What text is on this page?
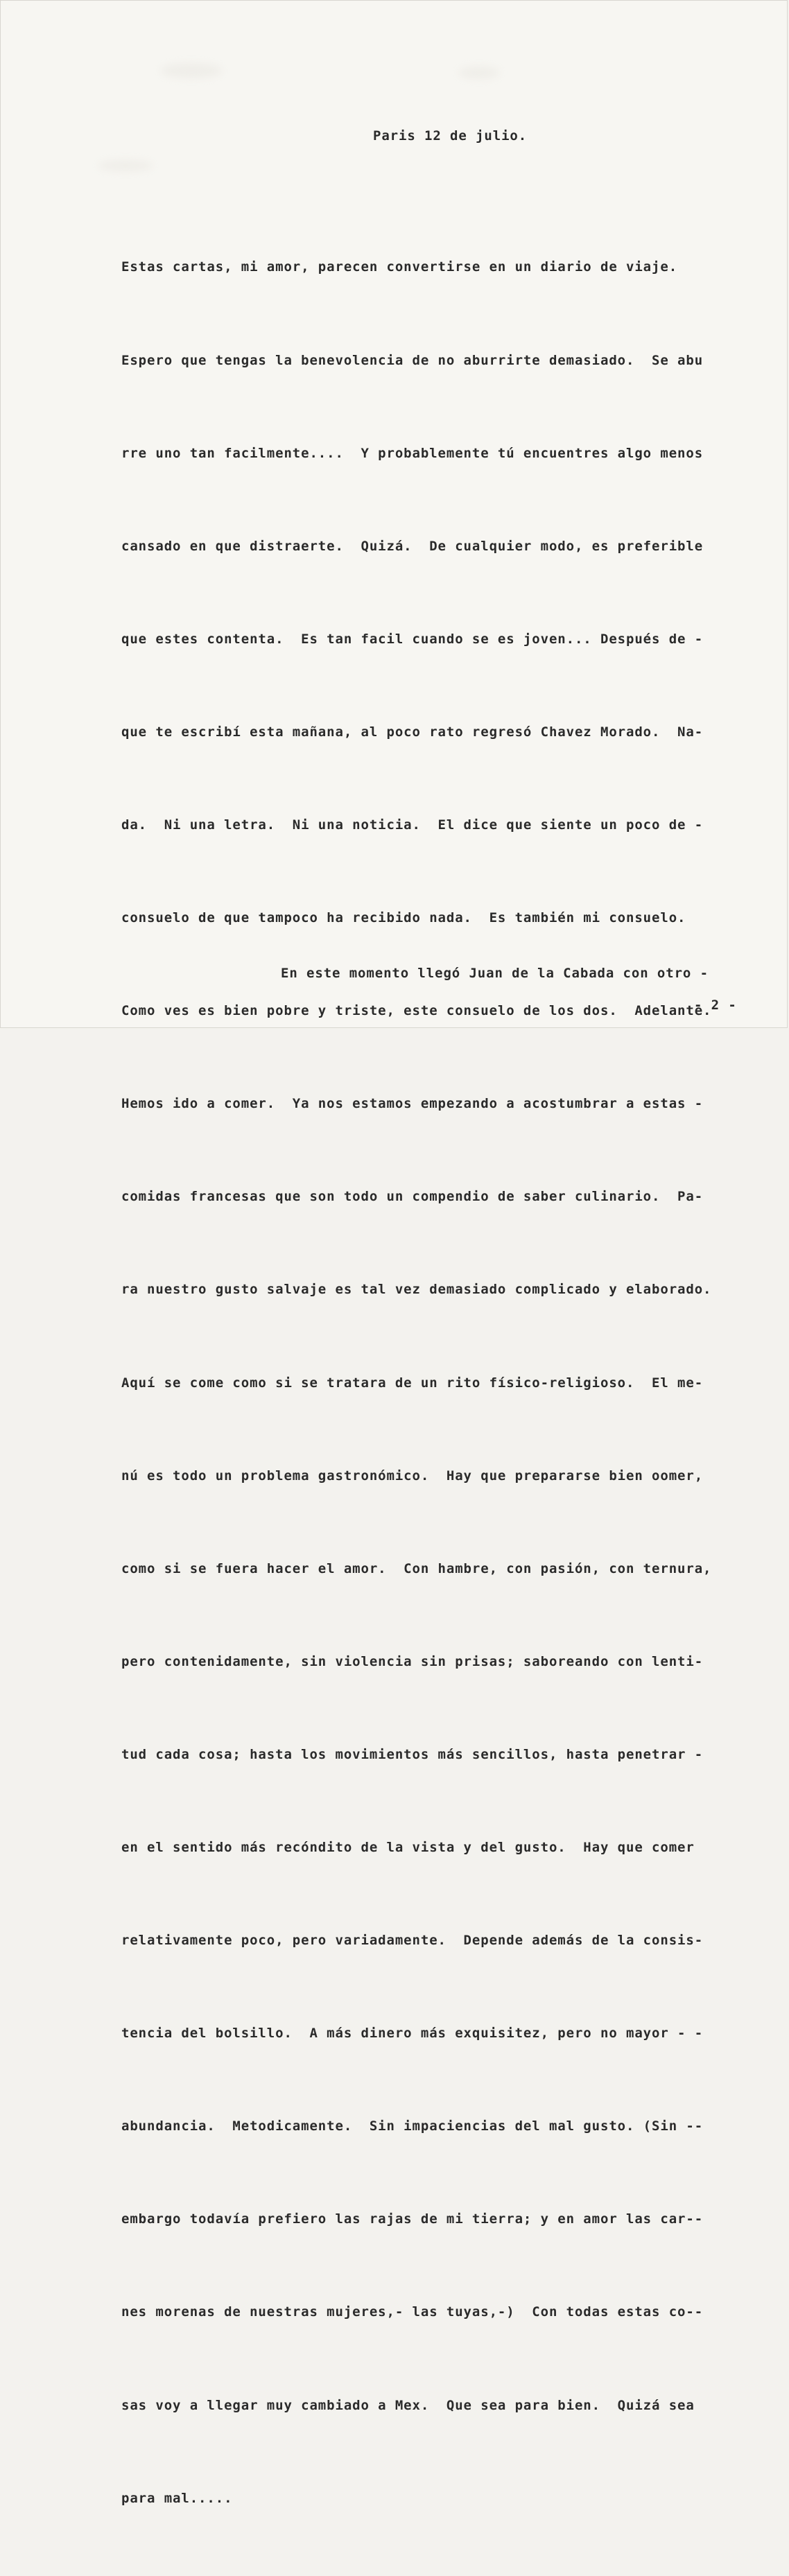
Paris 12 de julio.

Estas cartas, mi amor, parecen convertirse en un diario de viaje.

Espero que tengas la benevolencia de no aburrirte demasiado.  Se abu

rre uno tan facilmente....  Y probablemente tú encuentres algo menos

cansado en que distraerte.  Quizá.  De cualquier modo, es preferible

que estes contenta.  Es tan facil cuando se es joven... Después de -

que te escribí esta mañana, al poco rato regresó Chavez Morado.  Na-

da.  Ni una letra.  Ni una noticia.  El dice que siente un poco de -

consuelo de que tampoco ha recibido nada.  Es también mi consuelo.

Como ves es bien pobre y triste, este consuelo de los dos.  Adelante.

Hemos ido a comer.  Ya nos estamos empezando a acostumbrar a estas -

comidas francesas que son todo un compendio de saber culinario.  Pa-

ra nuestro gusto salvaje es tal vez demasiado complicado y elaborado.

Aquí se come como si se tratara de un rito físico-religioso.  El me-

nú es todo un problema gastronómico.  Hay que prepararse bien oomer,

como si se fuera hacer el amor.  Con hambre, con pasión, con ternura,

pero contenidamente, sin violencia sin prisas; saboreando con lenti-

tud cada cosa; hasta los movimientos más sencillos, hasta penetrar -

en el sentido más recóndito de la vista y del gusto.  Hay que comer

relativamente poco, pero variadamente.  Depende además de la consis-

tencia del bolsillo.  A más dinero más exquisitez, pero no mayor - -

abundancia.  Metodicamente.  Sin impaciencias del mal gusto. (Sin --

embargo todavía prefiero las rajas de mi tierra; y en amor las car--

nes morenas de nuestras mujeres,- las tuyas,-)  Con todas estas co--

sas voy a llegar muy cambiado a Mex.  Que sea para bien.  Quizá sea

para mal.....

En este momento llegó Juan de la Cabada con otro -
- 2 -
